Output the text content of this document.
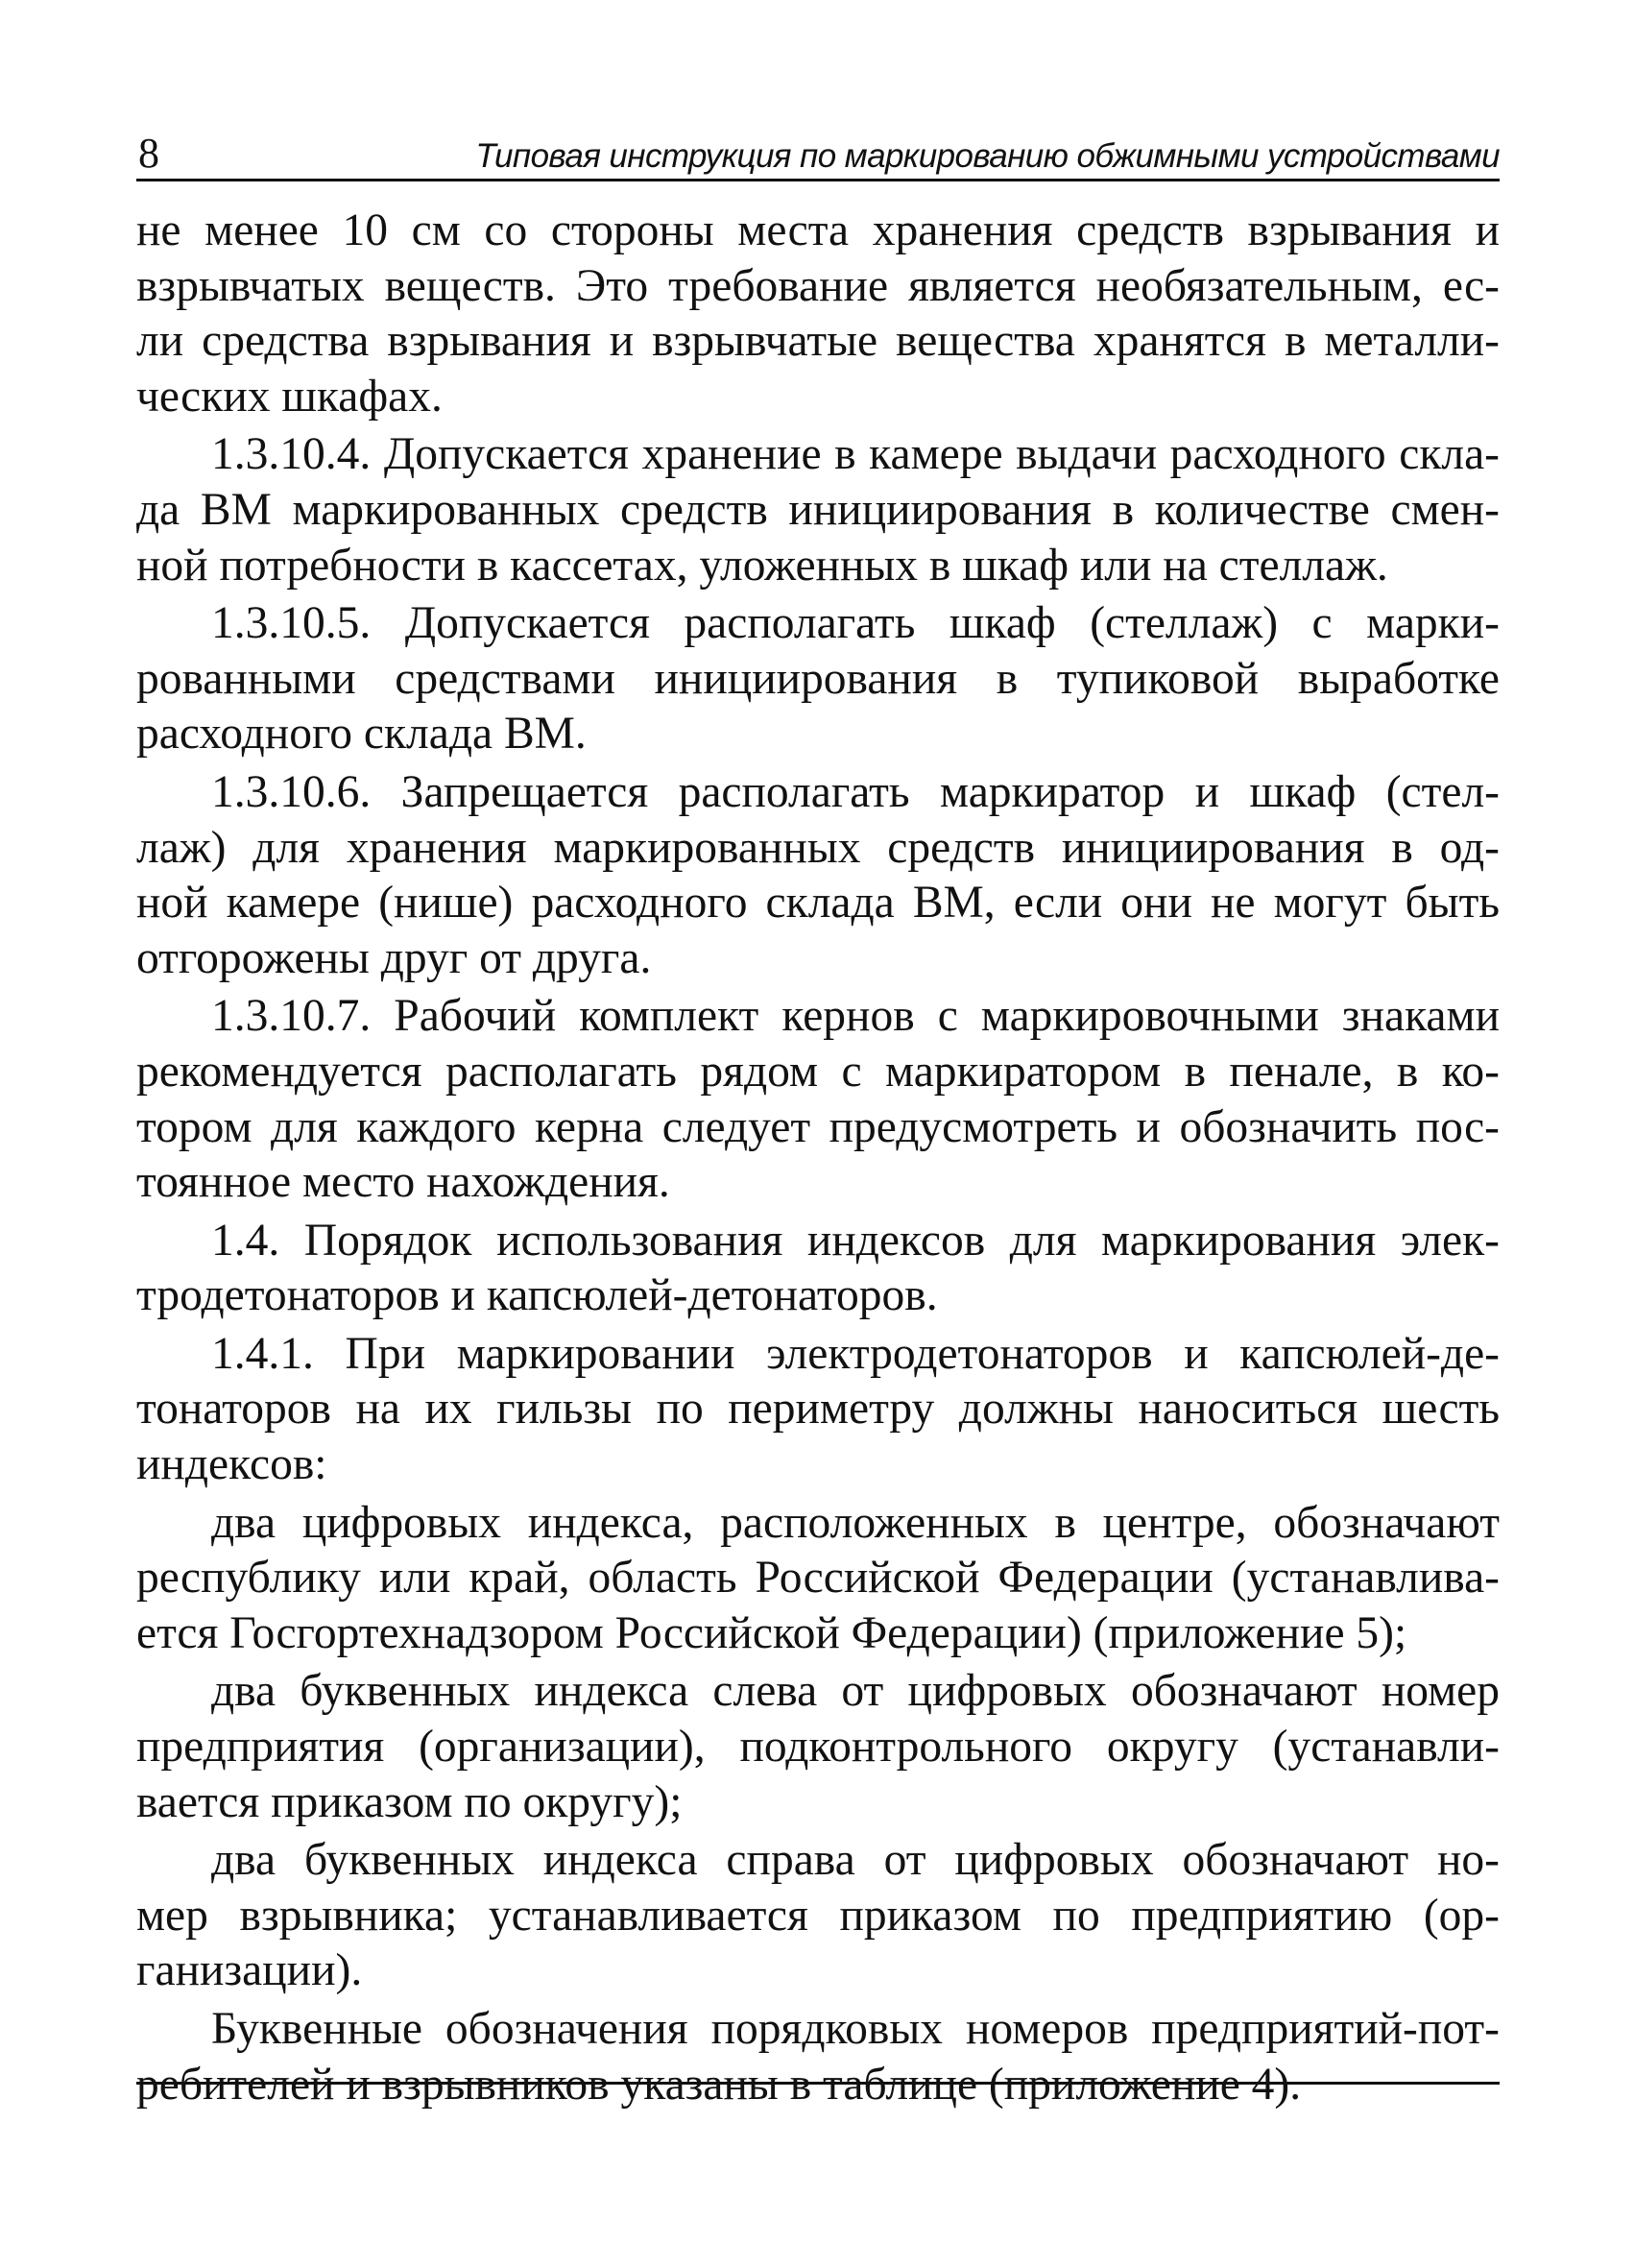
8	Типовая инструкция по маркированию обжимными устройствами
не менее 10 см со стороны места хранения средств взрывания и
взрывчатых веществ. Это требование является необязательным, ес-
ли средства взрывания и взрывчатые вещества хранятся в металли-
ческих шкафах.
1.3.10.4. Допускается хранение в камере выдачи расходного скла-
да ВМ маркированных средств инициирования в количестве смен-
ной потребности в кассетах, уложенных в шкаф или на стеллаж.
1.3.10.5. Допускается располагать шкаф (стеллаж) с марки-
рованными средствами инициирования в тупиковой выработке
расходного склада ВМ.
1.3.10.6. Запрещается располагать маркиратор и шкаф (стел-
лаж) для хранения маркированных средств инициирования в од-
ной камере (нише) расходного склада ВМ, если они не могут быть
отгорожены друг от друга.
1.3.10.7. Рабочий комплект кернов с маркировочными знаками
рекомендуется располагать рядом с маркиратором в пенале, в ко-
тором для каждого керна следует предусмотреть и обозначить пос-
тоянное место нахождения.
1.4. Порядок использования индексов для маркирования элек-
тродетонаторов и капсюлей-детонаторов.
1.4.1. При маркировании электродетонаторов и капсюлей-де-
тонаторов на их гильзы по периметру должны наноситься шесть
индексов:
два цифровых индекса, расположенных в центре, обозначают
республику или край, область Российской Федерации (устанавлива-
ется Госгортехнадзором Российской Федерации) (приложение 5);
два буквенных индекса слева от цифровых обозначают номер
предприятия (организации), подконтрольного округу (устанавли-
вается приказом по округу);
два буквенных индекса справа от цифровых обозначают но-
мер взрывника; устанавливается приказом по предприятию (ор-
ганизации).
Буквенные обозначения порядковых номеров предприятий-пот-
ребителей и взрывников указаны в таблице (приложение 4).
